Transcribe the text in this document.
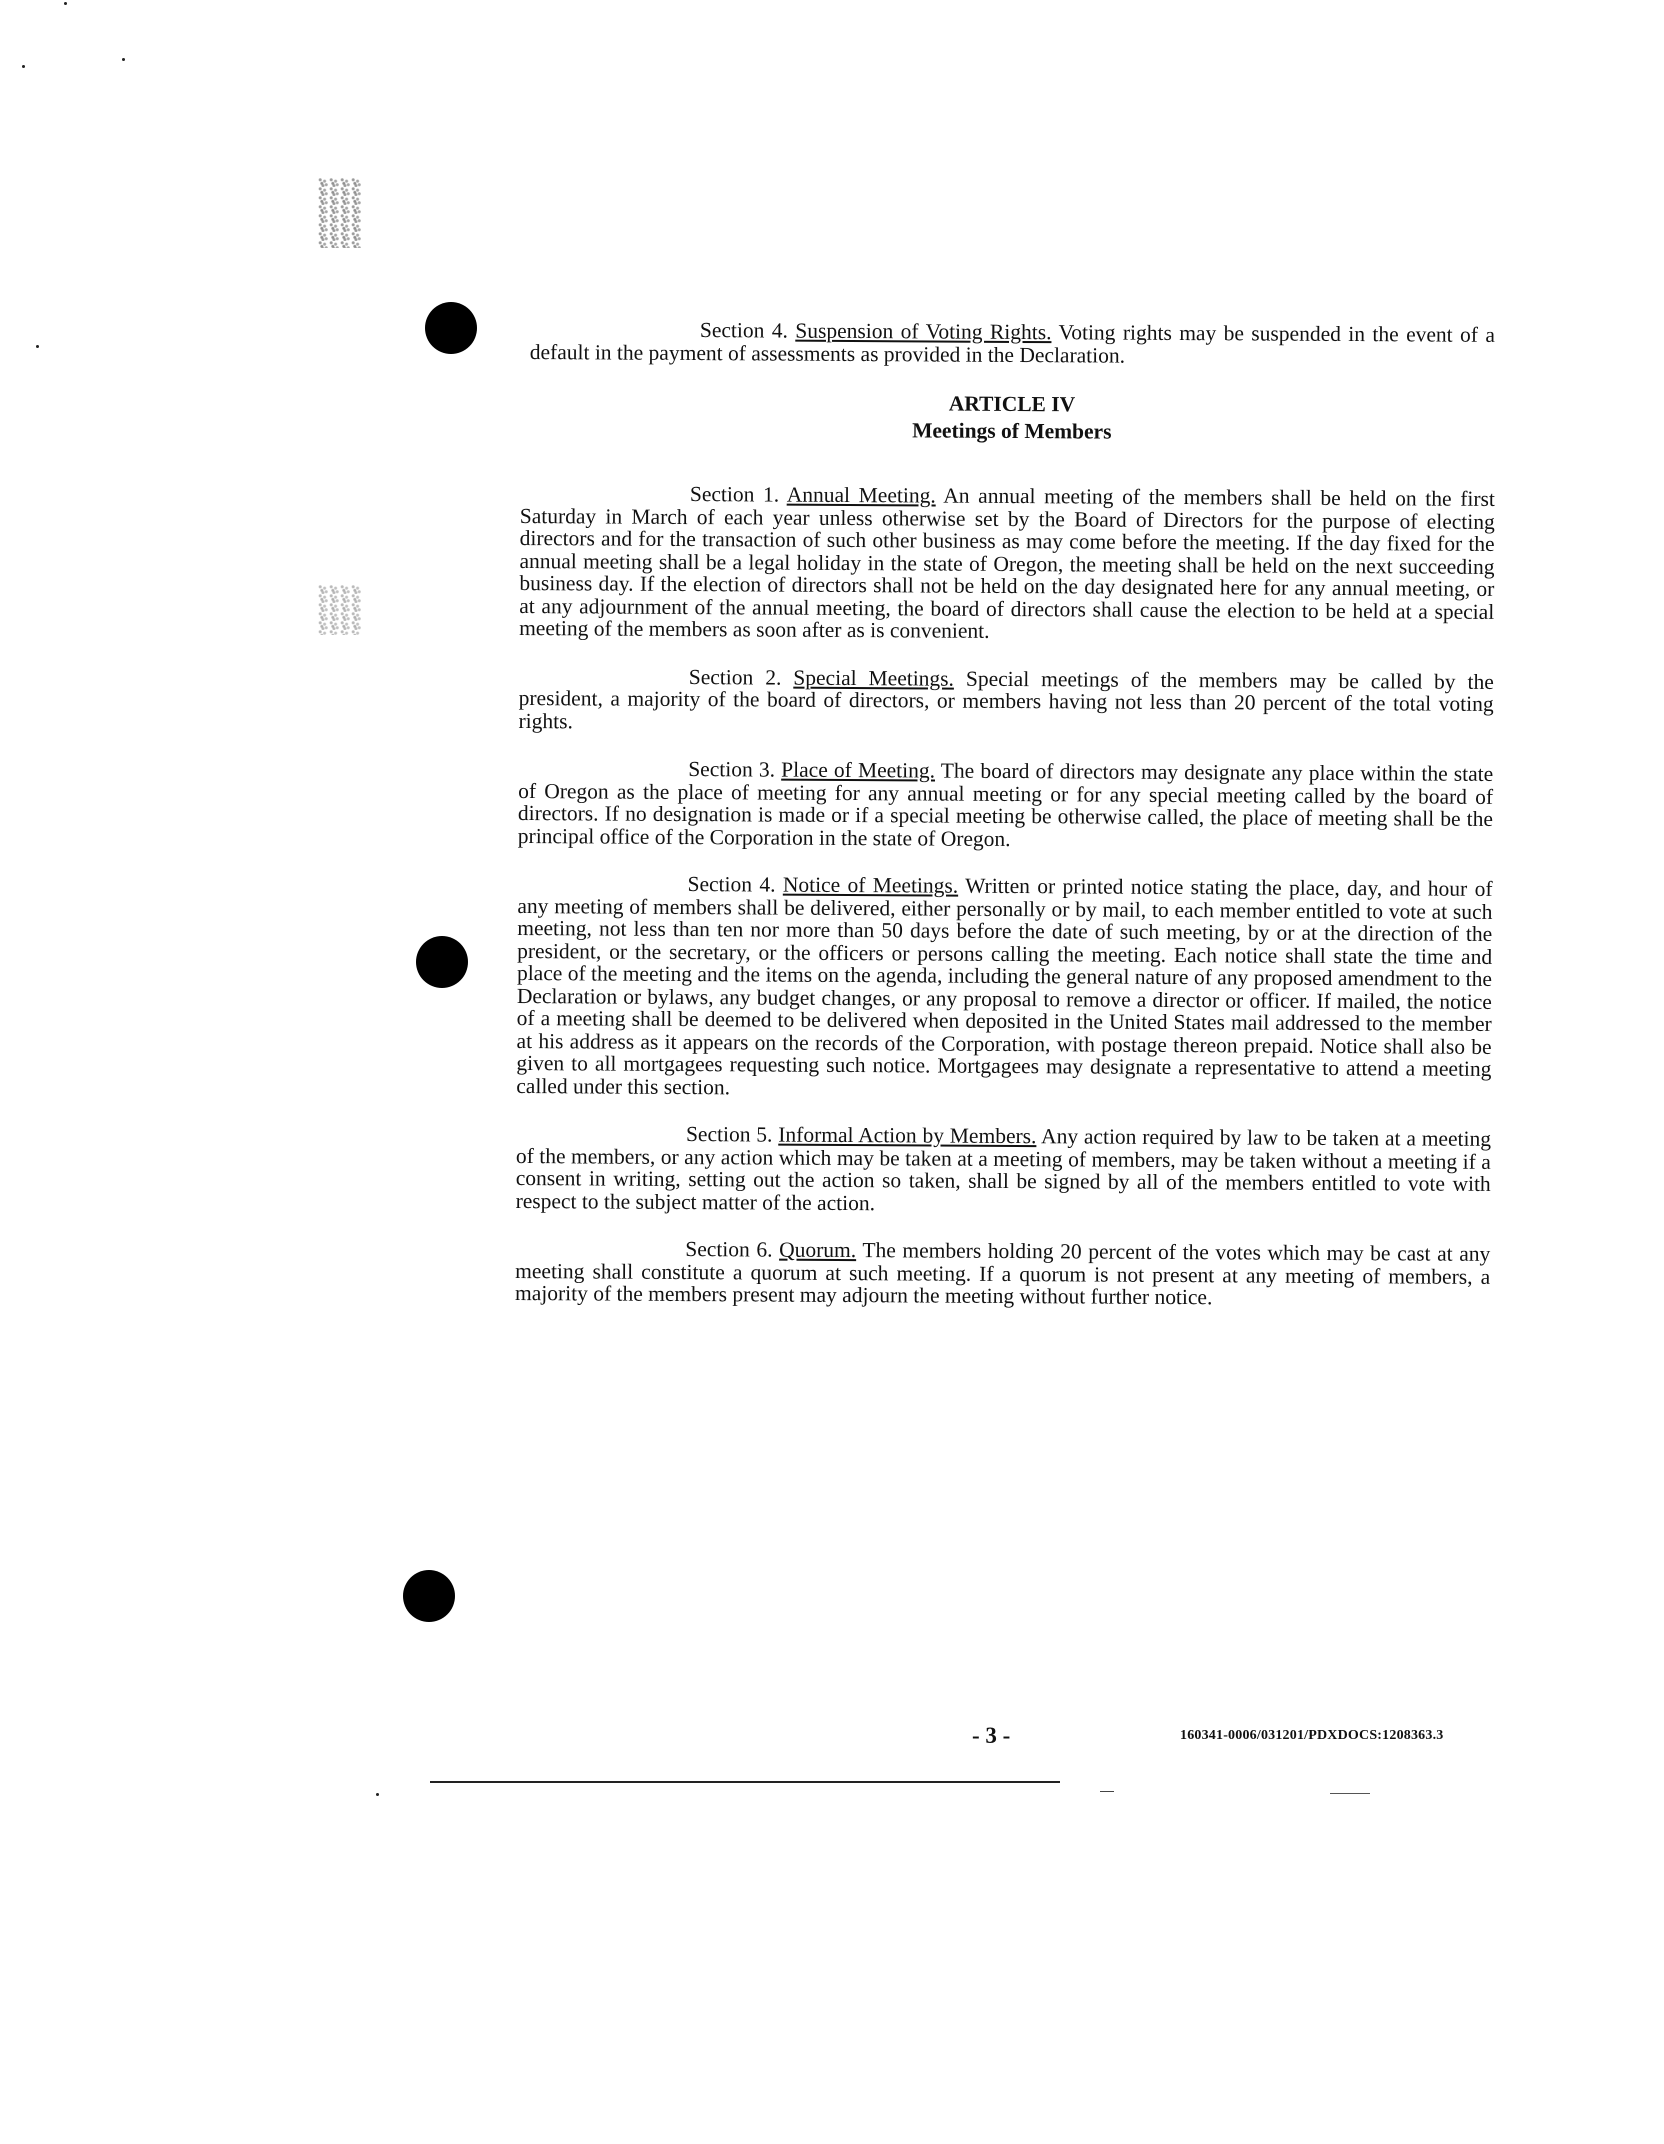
Section 4. Suspension of Voting Rights. Voting rights may be suspended in the event of a default in the payment of assessments as provided in the Declaration.

ARTICLE IV
Meetings of Members

Section 1. Annual Meeting. An annual meeting of the members shall be held on the first Saturday in March of each year unless otherwise set by the Board of Directors for the purpose of electing directors and for the transaction of such other business as may come before the meeting. If the day fixed for the annual meeting shall be a legal holiday in the state of Oregon, the meeting shall be held on the next succeeding business day. If the election of directors shall not be held on the day designated here for any annual meeting, or at any adjournment of the annual meeting, the board of directors shall cause the election to be held at a special meeting of the members as soon after as is convenient.

Section 2. Special Meetings. Special meetings of the members may be called by the president, a majority of the board of directors, or members having not less than 20 percent of the total voting rights.

Section 3. Place of Meeting. The board of directors may designate any place within the state of Oregon as the place of meeting for any annual meeting or for any special meeting called by the board of directors. If no designation is made or if a special meeting be otherwise called, the place of meeting shall be the principal office of the Corporation in the state of Oregon.

Section 4. Notice of Meetings. Written or printed notice stating the place, day, and hour of any meeting of members shall be delivered, either personally or by mail, to each member entitled to vote at such meeting, not less than ten nor more than 50 days before the date of such meeting, by or at the direction of the president, or the secretary, or the officers or persons calling the meeting. Each notice shall state the time and place of the meeting and the items on the agenda, including the general nature of any proposed amendment to the Declaration or bylaws, any budget changes, or any proposal to remove a director or officer. If mailed, the notice of a meeting shall be deemed to be delivered when deposited in the United States mail addressed to the member at his address as it appears on the records of the Corporation, with postage thereon prepaid. Notice shall also be given to all mortgagees requesting such notice. Mortgagees may designate a representative to attend a meeting called under this section.

Section 5. Informal Action by Members. Any action required by law to be taken at a meeting of the members, or any action which may be taken at a meeting of members, may be taken without a meeting if a consent in writing, setting out the action so taken, shall be signed by all of the members entitled to vote with respect to the subject matter of the action.

Section 6. Quorum. The members holding 20 percent of the votes which may be cast at any meeting shall constitute a quorum at such meeting. If a quorum is not present at any meeting of members, a majority of the members present may adjourn the meeting without further notice.

- 3 -	160341-0006/031201/PDXDOCS:1208363.3
